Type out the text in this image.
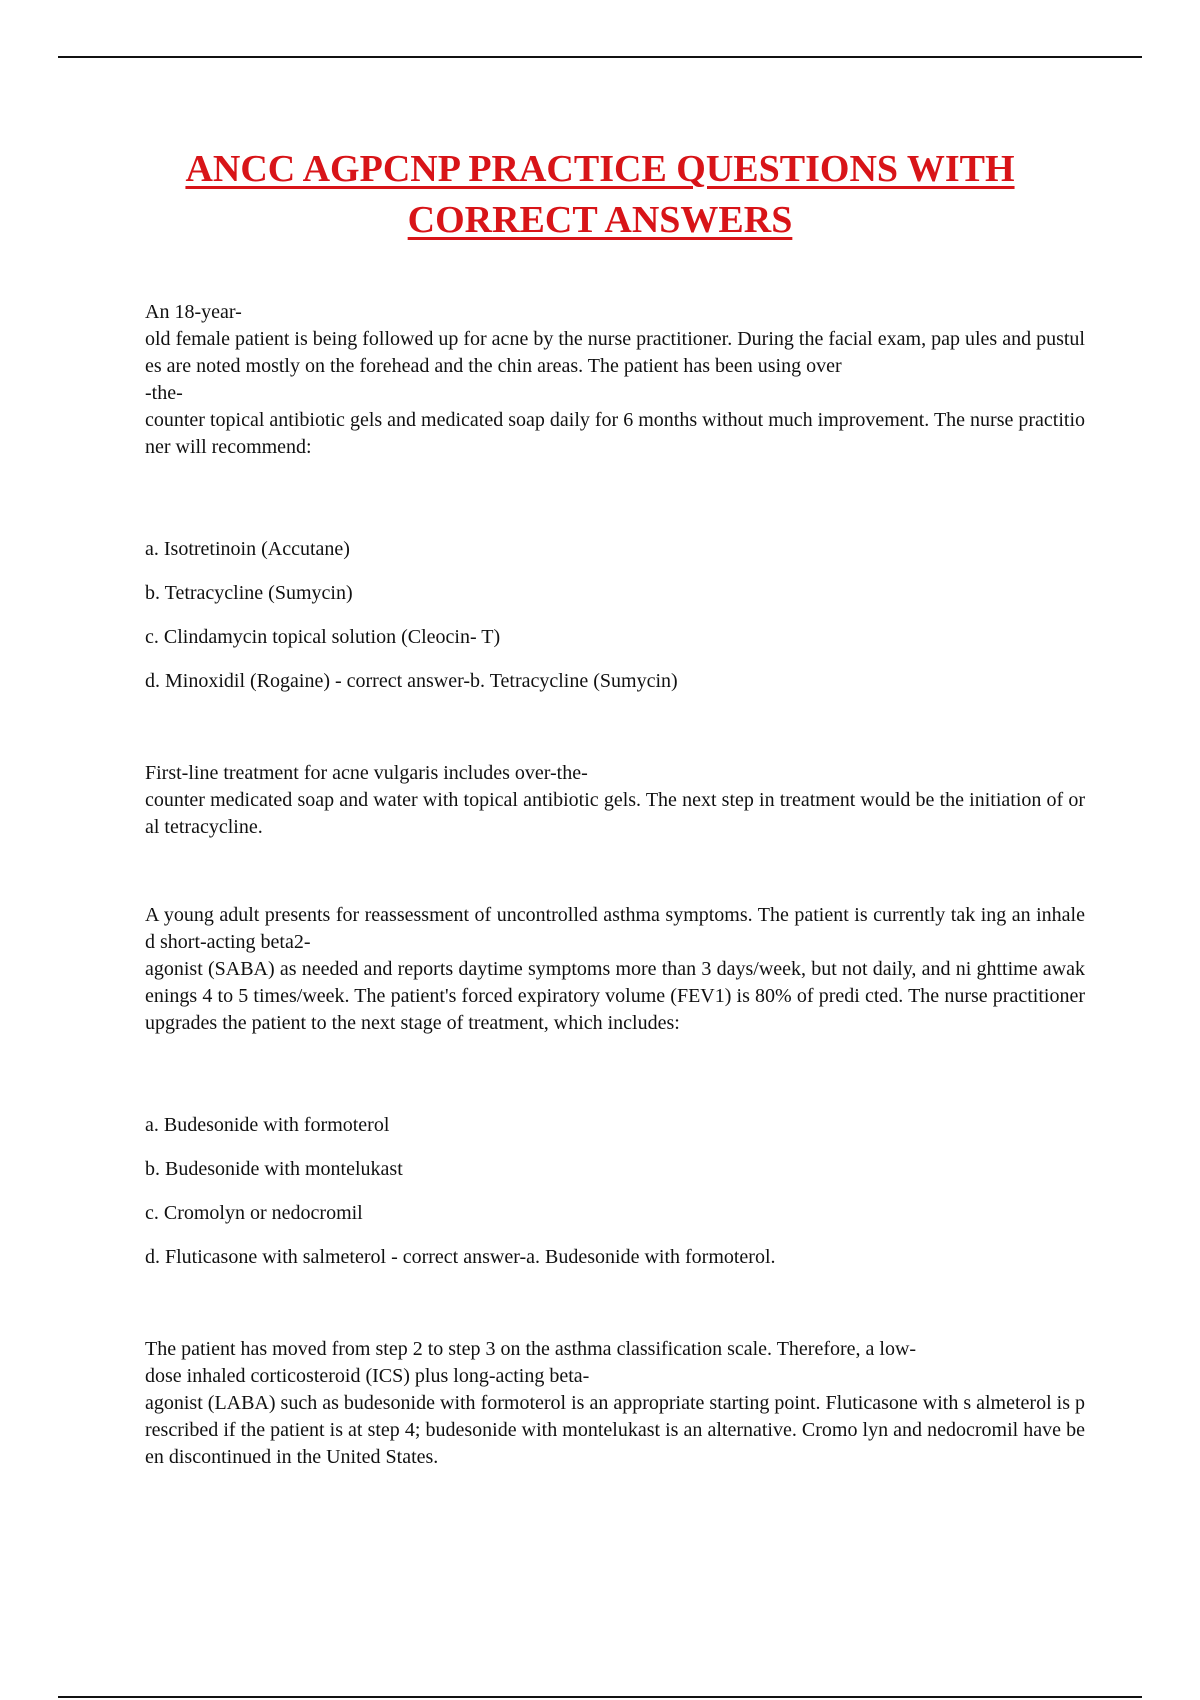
ANCC AGPCNP PRACTICE QUESTIONS WITH
CORRECT ANSWERS
An 18-year-
old female patient is being followed up for acne by the nurse practitioner. During the facial exam, pap ules and pustules are noted mostly on the forehead and the chin areas. The patient has been using over
-the-
counter topical antibiotic gels and medicated soap daily for 6 months without much improvement. The nurse practitioner will recommend:
a. Isotretinoin (Accutane)
b. Tetracycline (Sumycin)
c. Clindamycin topical solution (Cleocin- T)
d. Minoxidil (Rogaine) - correct answer-b. Tetracycline (Sumycin)
First-line treatment for acne vulgaris includes over-the-
counter medicated soap and water with topical antibiotic gels. The next step in treatment would be the initiation of oral tetracycline.
A young adult presents for reassessment of uncontrolled asthma symptoms. The patient is currently tak ing an inhaled short-acting beta2-
agonist (SABA) as needed and reports daytime symptoms more than 3 days/week, but not daily, and ni ghttime awakenings 4 to 5 times/week. The patient's forced expiratory volume (FEV1) is 80% of predi cted. The nurse practitioner upgrades the patient to the next stage of treatment, which includes:
a. Budesonide with formoterol
b. Budesonide with montelukast
c. Cromolyn or nedocromil
d. Fluticasone with salmeterol - correct answer-a. Budesonide with formoterol.
The patient has moved from step 2 to step 3 on the asthma classification scale. Therefore, a low-
dose inhaled corticosteroid (ICS) plus long-acting beta-
agonist (LABA) such as budesonide with formoterol is an appropriate starting point. Fluticasone with s almeterol is prescribed if the patient is at step 4; budesonide with montelukast is an alternative. Cromo lyn and nedocromil have been discontinued in the United States.
